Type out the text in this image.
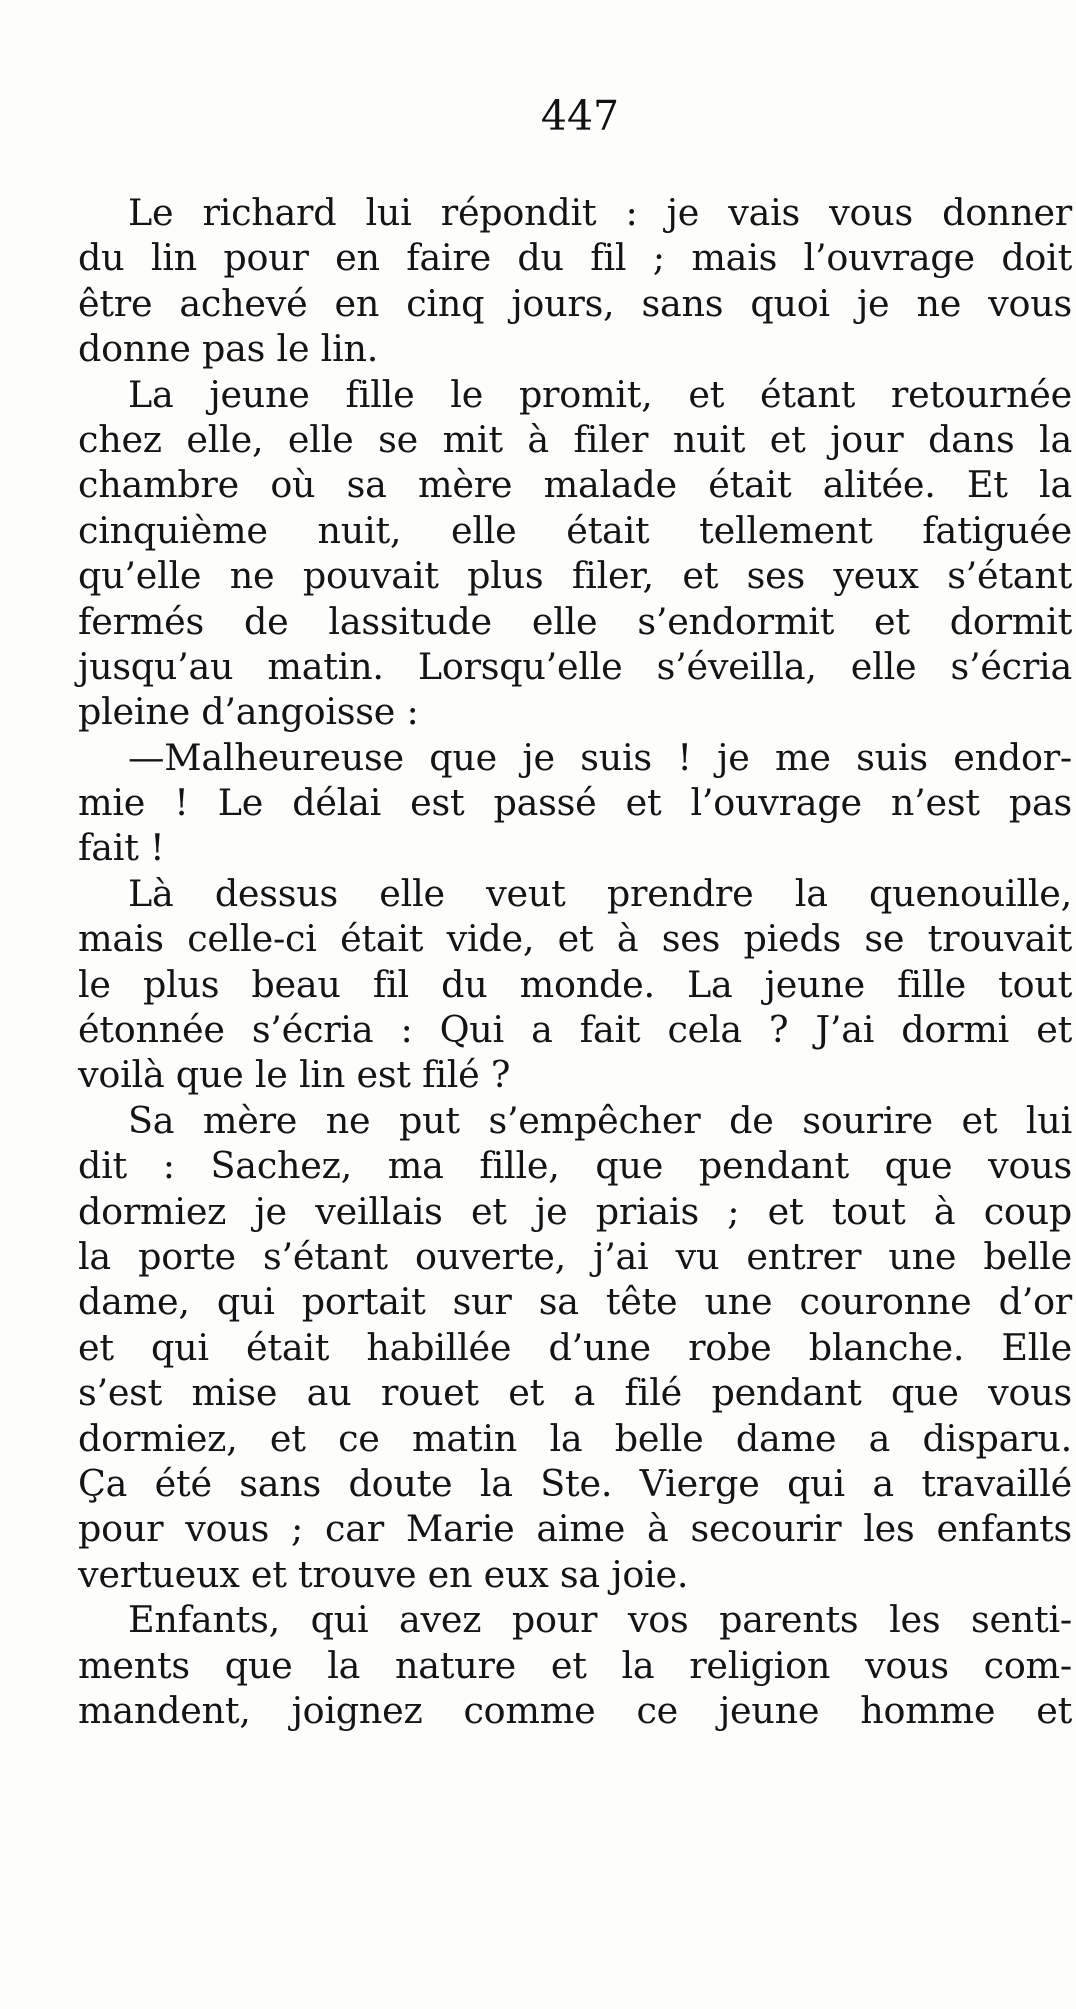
447
Le richard lui répondit : je vais vous donner
du lin pour en faire du fil ; mais l’ouvrage doit
être achevé en cinq jours, sans quoi je ne vous
donne pas le lin.
La jeune fille le promit, et étant retournée
chez elle, elle se mit à filer nuit et jour dans la
chambre où sa mère malade était alitée. Et la
cinquième nuit, elle était tellement fatiguée
qu’elle ne pouvait plus filer, et ses yeux s’étant
fermés de lassitude elle s’endormit et dormit
jusqu’au matin. Lorsqu’elle s’éveilla, elle s’écria
pleine d’angoisse :
—Malheureuse que je suis ! je me suis endor-
mie ! Le délai est passé et l’ouvrage n’est pas
fait !
Là dessus elle veut prendre la quenouille,
mais celle-ci était vide, et à ses pieds se trouvait
le plus beau fil du monde. La jeune fille tout
étonnée s’écria : Qui a fait cela ? J’ai dormi et
voilà que le lin est filé ?
Sa mère ne put s’empêcher de sourire et lui
dit : Sachez, ma fille, que pendant que vous
dormiez je veillais et je priais ; et tout à coup
la porte s’étant ouverte, j’ai vu entrer une belle
dame, qui portait sur sa tête une couronne d’or
et qui était habillée d’une robe blanche. Elle
s’est mise au rouet et a filé pendant que vous
dormiez, et ce matin la belle dame a disparu.
Ça été sans doute la Ste. Vierge qui a travaillé
pour vous ; car Marie aime à secourir les enfants
vertueux et trouve en eux sa joie.
Enfants, qui avez pour vos parents les senti-
ments que la nature et la religion vous com-
mandent, joignez comme ce jeune homme et
